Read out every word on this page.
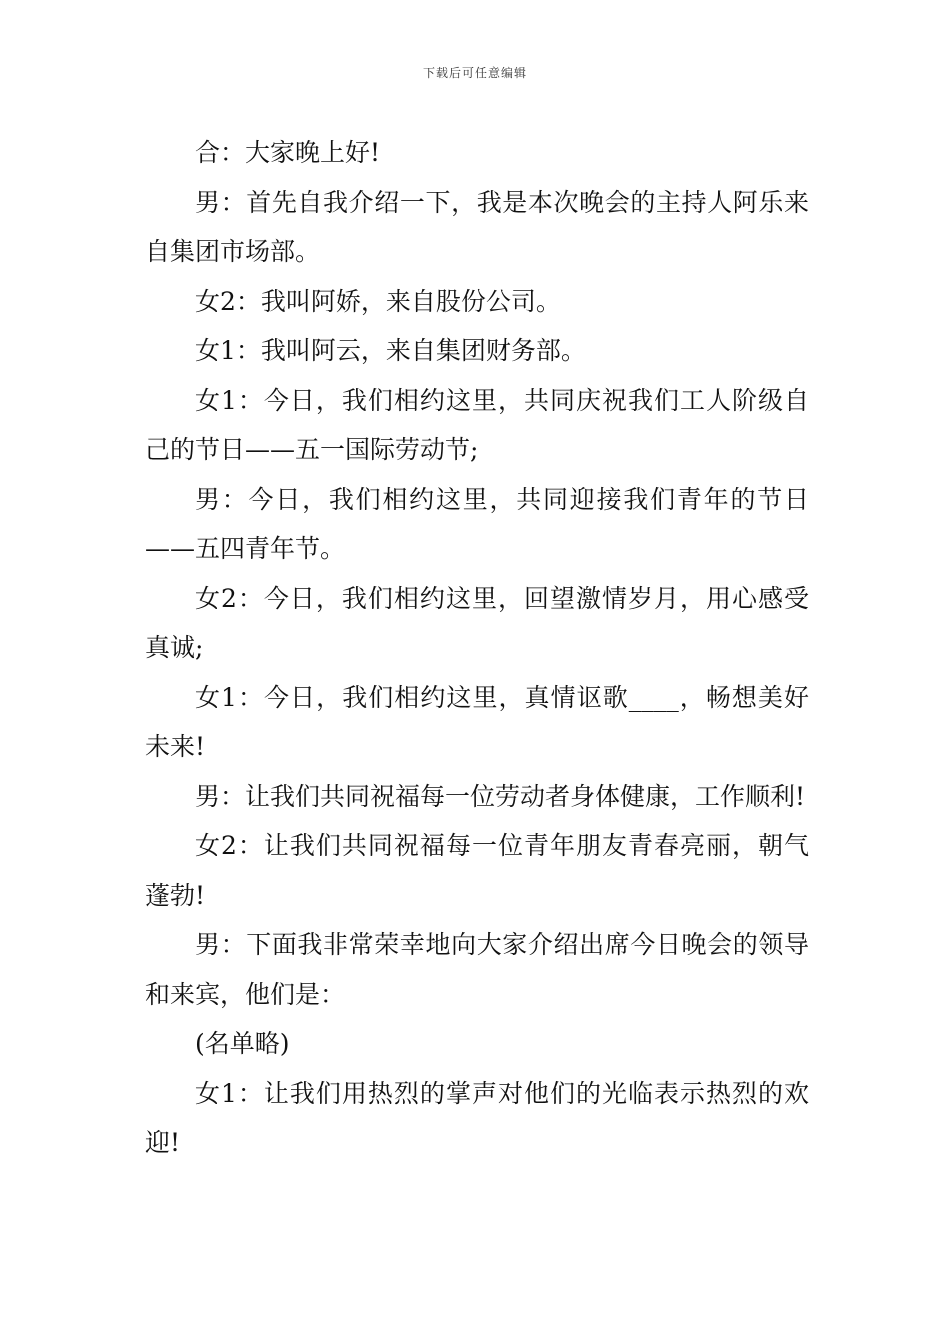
下载后可任意编辑

合：大家晚上好!

男：首先自我介绍一下，我是本次晚会的主持人阿乐来自集团市场部。

女2：我叫阿娇，来自股份公司。

女1：我叫阿云，来自集团财务部。

女1：今日，我们相约这里，共同庆祝我们工人阶级自己的节日——五一国际劳动节;

男：今日，我们相约这里，共同迎接我们青年的节日——五四青年节。

女2：今日，我们相约这里，回望激情岁月，用心感受真诚;

女1：今日，我们相约这里，真情讴歌____，畅想美好未来!

男：让我们共同祝福每一位劳动者身体健康，工作顺利!

女2：让我们共同祝福每一位青年朋友青春亮丽，朝气蓬勃!

男：下面我非常荣幸地向大家介绍出席今日晚会的领导和来宾，他们是：

(名单略)

女1：让我们用热烈的掌声对他们的光临表示热烈的欢迎!
